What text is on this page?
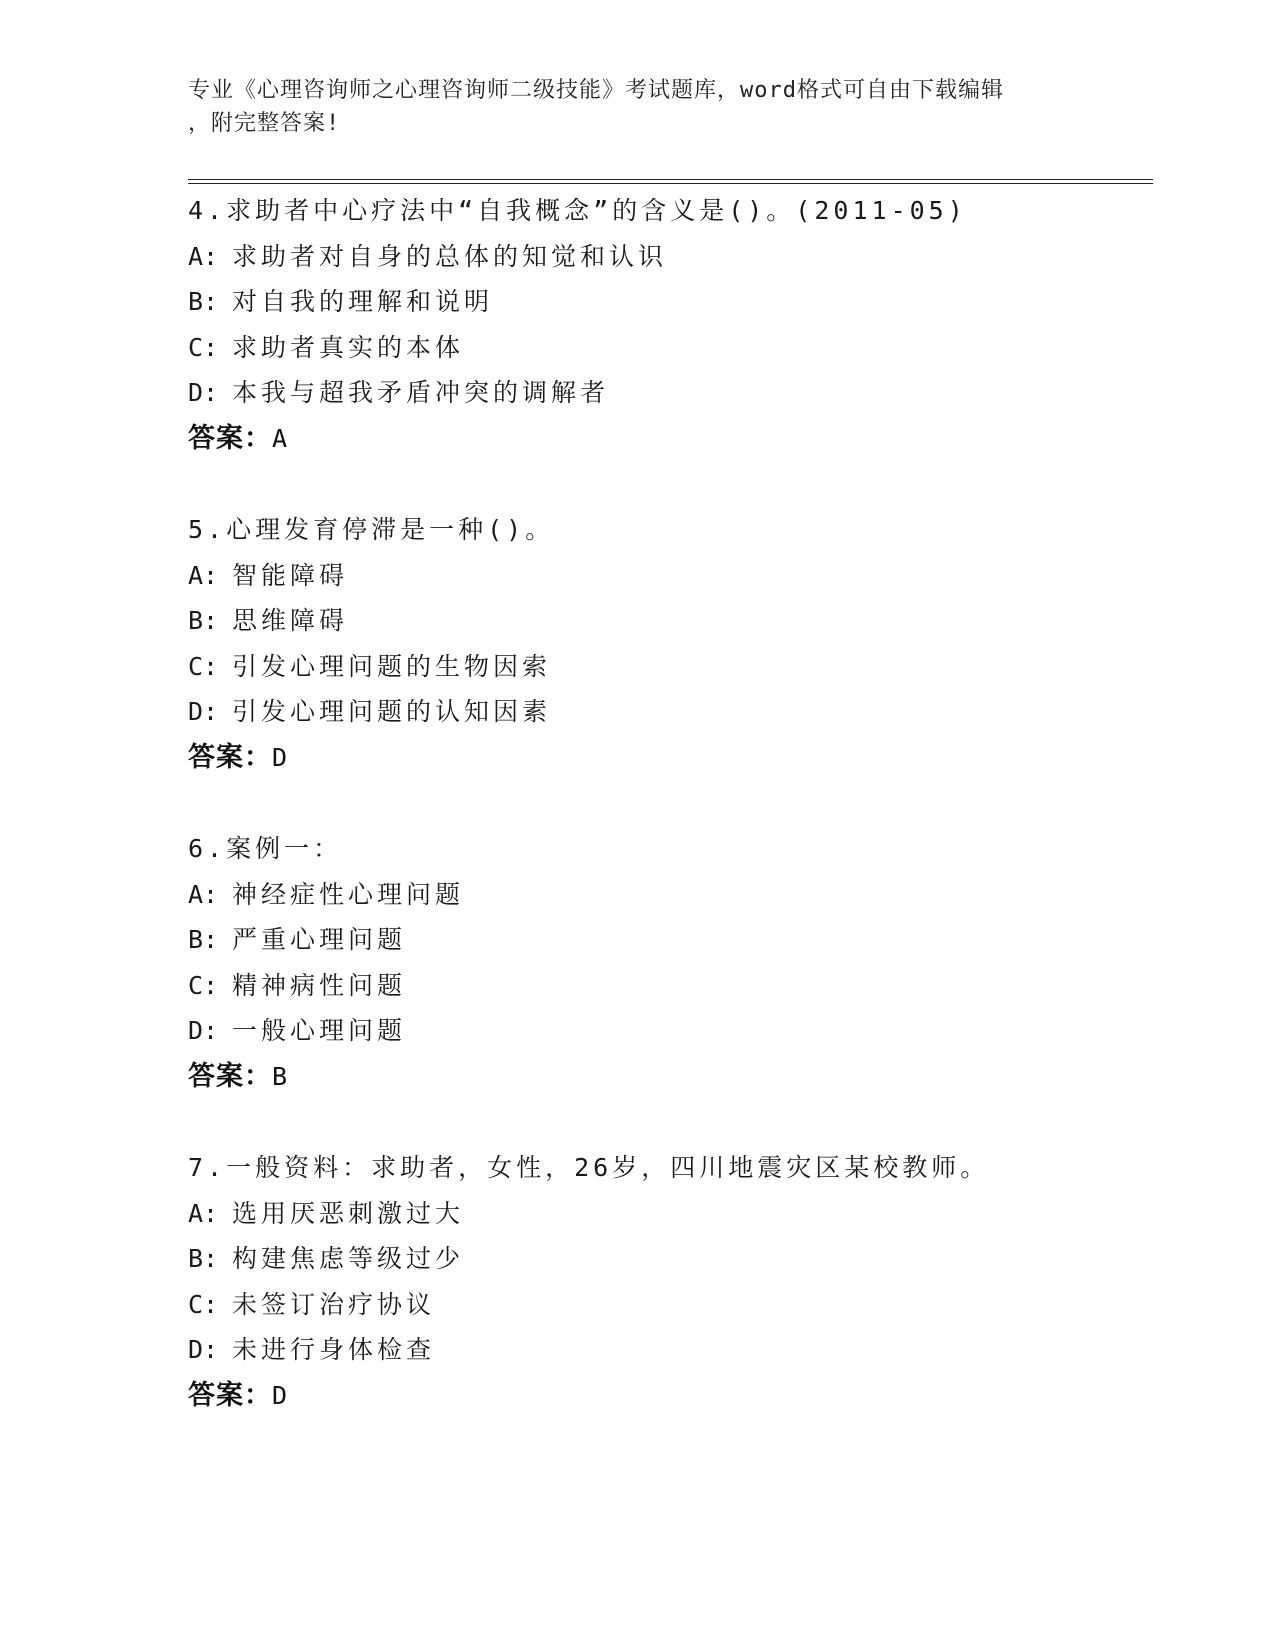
专业《心理咨询师之心理咨询师二级技能》考试题库，word格式可自由下载编辑
，附完整答案!
4.求助者中心疗法中“自我概念”的含义是()。(2011-05)
A: 求助者对自身的总体的知觉和认识
B: 对自我的理解和说明
C: 求助者真实的本体
D: 本我与超我矛盾冲突的调解者
答案：A
5.心理发育停滞是一种()。
A: 智能障碍
B: 思维障碍
C: 引发心理问题的生物因索
D: 引发心理问题的认知因素
答案：D
6.案例一：
A: 神经症性心理问题
B: 严重心理问题
C: 精神病性问题
D: 一般心理问题
答案：B
7.一般资料：求助者，女性，26岁，四川地震灾区某校教师。
A: 选用厌恶刺激过大
B: 构建焦虑等级过少
C: 未签订治疗协议
D: 未进行身体检查
答案：D
